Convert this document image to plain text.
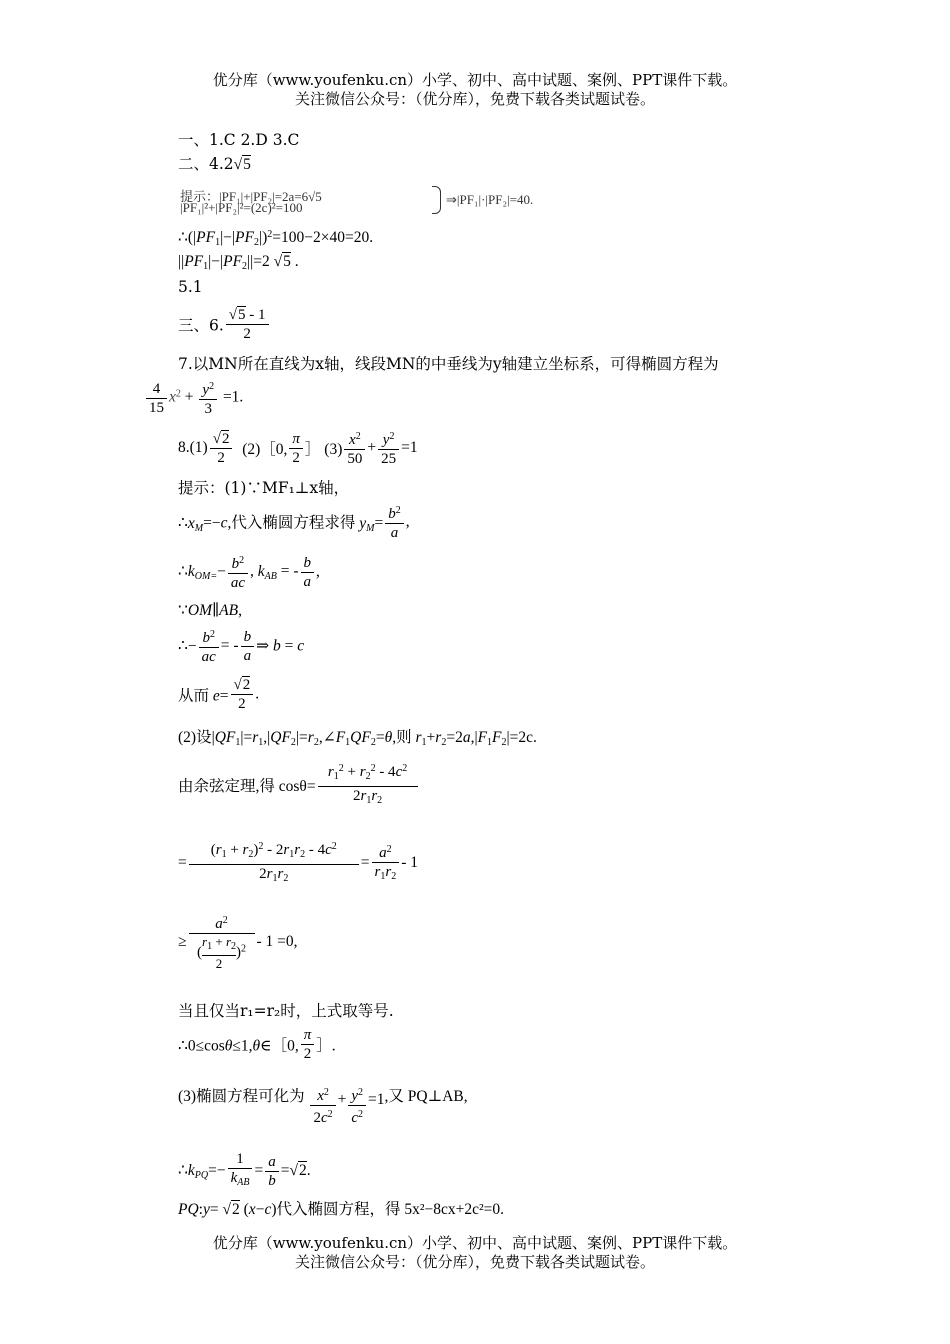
优分库（www.youfenku.cn）小学、初中、高中试题、案例、PPT课件下载。
关注微信公众号：（优分库），免费下载各类试题试卷。
一、1.C 2.D 3.C
二、4.2√5
提示：|PF₁|+|PF₂|=2a=6√5
|PF₁|²+|PF₂|²=(2c)²=100
⇒|PF₁|·|PF₂|=40.
$\therefore(|PF_1|-|PF_2|)^2=100-2\times 40=20$.
$||PF_1|-|PF_2||=2$ √5 .
5.1
三、6. $\frac{√5 - 1}{2}$
7.以MN所在直线为x轴，线段MN的中垂线为y轴建立坐标系，可得椭圆方程为
$\frac{4}{15} x^2 + \frac{y^2}{3} =1$.
$8.(1) \frac{√2}{2}$ (2)［0, $\frac{\pi}{2}$ ］ $(3) \frac{x^2}{50} + \frac{y^2}{25} =1$
提示：(1)∵MF₁⊥x轴，
$\therefore x_M=-c$,代入椭圆方程求得 $y_M= \frac{b^2}{a}$ ,
$\therefore k_{OM=}- \frac{b^2}{ac}$ , $k_{AB}$ = - $\frac{b}{a}$ ,
∵OM∥AB,
∴− $\frac{b^2}{ac}$ = - $\frac{b}{a}$ ⇒ b = c
从而 $e= \frac{√2}{2}$ .
(2)设$|QF_1|=r_1,|QF_2|=r_2,\angle F_1QF_2=\theta$,则 $r_1+r_2=2a,|F_1F_2|=2c$.
由余弦定理,得 $\cos\theta= \frac{r_1^2 + r_2^2 - 4c^2}{2r_1r_2}$
= $\frac{(r_1 + r_2)^2 - 2r_1r_2 - 4c^2}{2r_1r_2} = \frac{a^2}{r_1r_2} - 1$
≥ $\frac{a^2}{( \frac{r_1 + r_2}{2} )^2} - 1 =0$,
当且仅当r₁=r₂时，上式取等号.
∴0≤cosθ≤1,θ∈［0, $\frac{\pi}{2}$ ］.
(3)椭圆方程可化为 $\frac{x^2}{2c^2} + \frac{y^2}{c^2} =1$,又 PQ⊥AB,
$\therefore k_{PQ}=- \frac{1}{k_{AB}} = \frac{a}{b} =√2$.
PQ:y= √2 (x−c)代入椭圆方程，得 5x²−8cx+2c²=0.
优分库（www.youfenku.cn）小学、初中、高中试题、案例、PPT课件下载。
关注微信公众号：（优分库），免费下载各类试题试卷。
